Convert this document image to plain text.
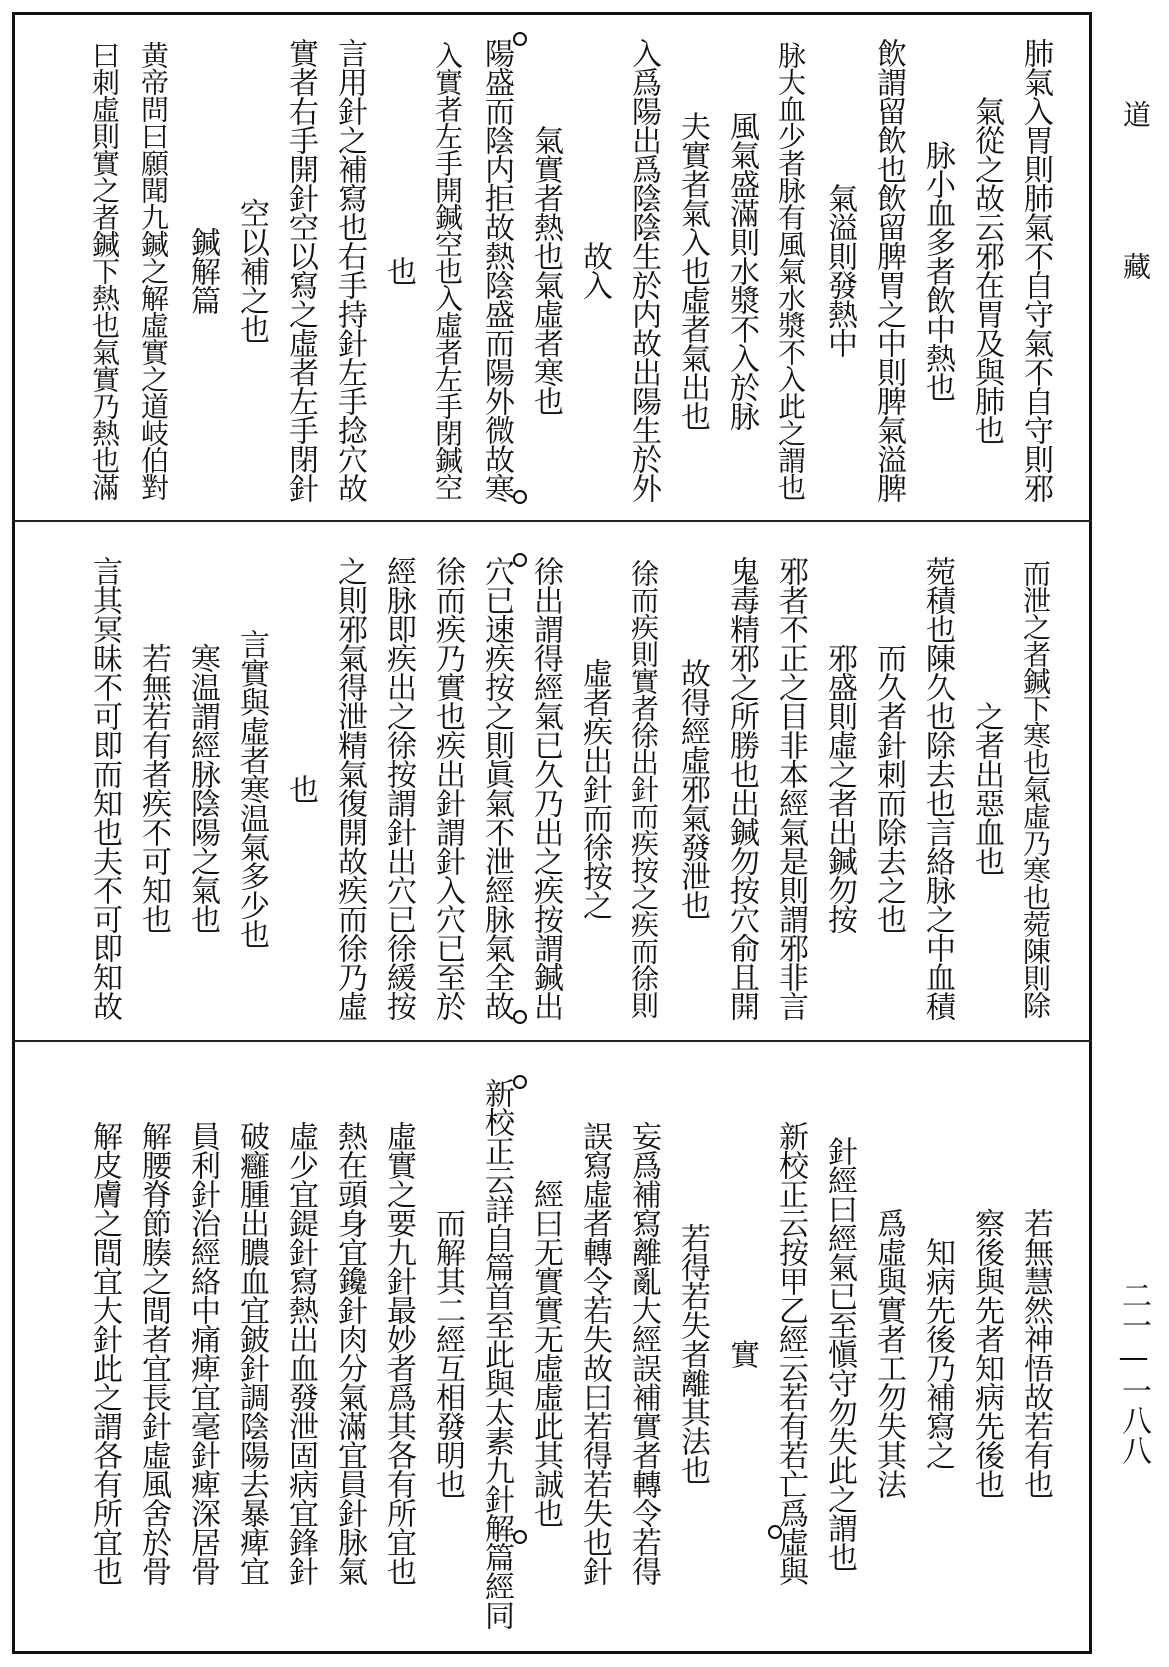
肺氣入胃則肺氣不自守氣不自守則邪
氣從之故云邪在胃及與肺也
脉小血多者飲中熱也
飲謂留飲也飲留脾胃之中則脾氣溢脾
氣溢則發熱中
脉大血少者脉有風氣水漿不入此之謂也
風氣盛滿則水漿不入於脉
夫實者氣入也虛者氣出也
入爲陽出爲陰陰生於内故出陽生於外
故入
氣實者熱也氣虛者寒也
陽盛而陰内拒故熱陰盛而陽外微故寒
入實者左手開鍼空也入虛者左手閉鍼空
也
言用針之補寫也右手持針左手捻穴故
實者右手開針空以寫之虛者左手閉針
空以補之也
鍼解篇
黄帝問曰願聞九鍼之解虛實之道岐伯對
曰刺虛則實之者鍼下熱也氣實乃熱也滿
而泄之者鍼下寒也氣虛乃寒也菀陳則除
之者出惡血也
菀積也陳久也除去也言絡脉之中血積
而久者針刺而除去之也
邪盛則虛之者出鍼勿按
邪者不正之目非本經氣是則謂邪非言
鬼毒精邪之所勝也出鍼勿按穴俞且開
故得經虛邪氣發泄也
徐而疾則實者徐出針而疾按之疾而徐則
虛者疾出針而徐按之
徐出謂得經氣已久乃出之疾按謂鍼出
穴已速疾按之則眞氣不泄經脉氣全故
徐而疾乃實也疾出針謂針入穴已至於
經脉即疾出之徐按謂針出穴已徐緩按
之則邪氣得泄精氣復開故疾而徐乃虛
也
言實與虛者寒温氣多少也
寒温謂經脉陰陽之氣也
若無若有者疾不可知也
言其冥昧不可即而知也夫不可即知故
若無慧然神悟故若有也
察後與先者知病先後也
知病先後乃補寫之
爲虛與實者工勿失其法
針經曰經氣已至愼守勿失此之謂也
新校正云按甲乙經云若有若亡爲虛與
實
若得若失者離其法也
妄爲補寫離亂大經誤補實者轉令若得
誤寫虛者轉令若失故曰若得若失也針
經曰无實實无虛虛此其誠也
新校正云詳自篇首至此與太素九針解篇經同
而解其二經互相發明也
虛實之要九針最妙者爲其各有所宜也
熱在頭身宜鑱針肉分氣滿宜員針脉氣
虛少宜鍉針寫熱出血發泄固病宜鋒針
破癰腫出膿血宜鈹針調陰陽去暴痺宜
員利針治經絡中痛痺宜毫針痺深居骨
解腰脊節腠之間者宜長針虛風舍於骨
解皮膚之間宜大針此之謂各有所宜也
道
藏
二一—一八八
